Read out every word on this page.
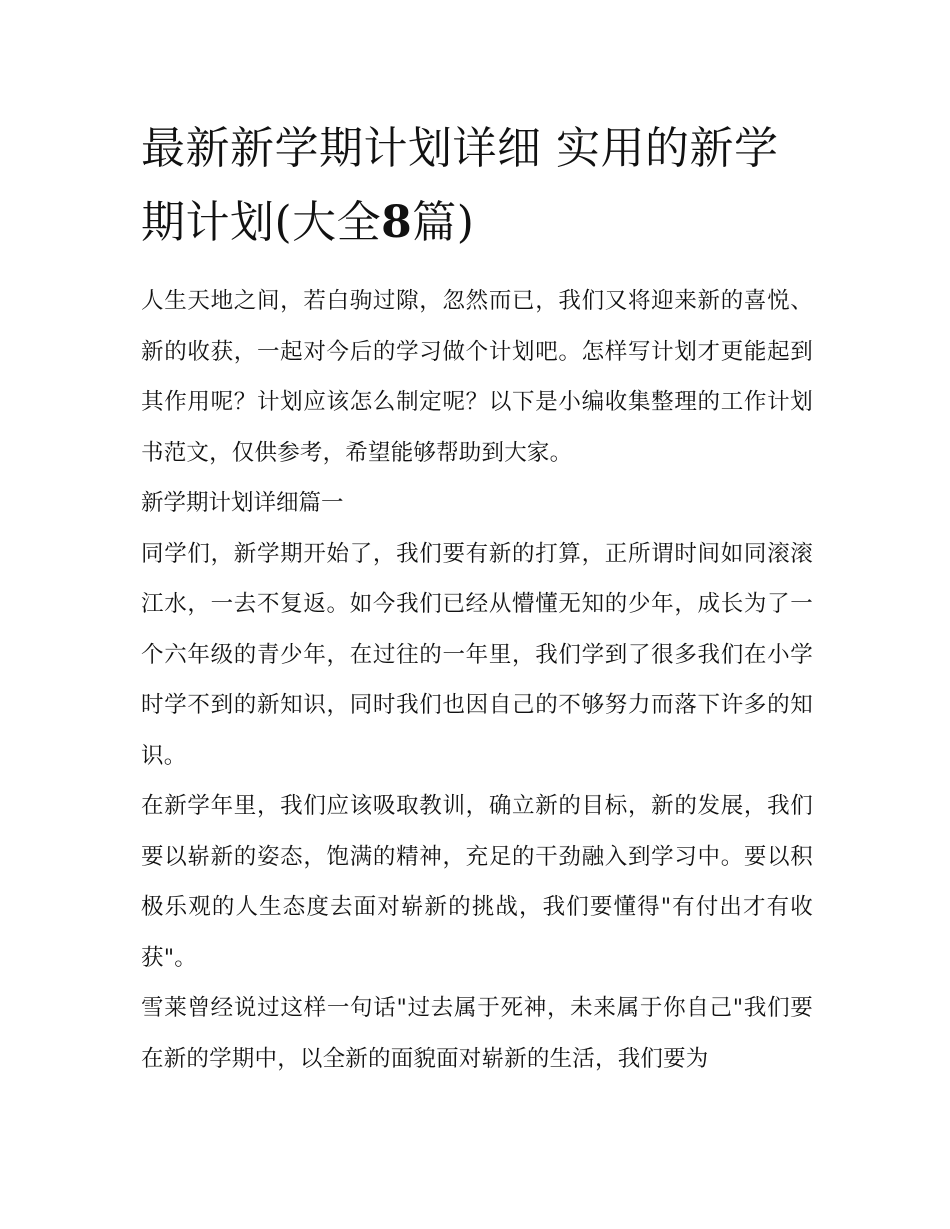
最新新学期计划详细 实用的新学期计划(大全8篇)

人生天地之间，若白驹过隙，忽然而已，我们又将迎来新的喜悦、新的收获，一起对今后的学习做个计划吧。怎样写计划才更能起到其作用呢？计划应该怎么制定呢？以下是小编收集整理的工作计划书范文，仅供参考，希望能够帮助到大家。

新学期计划详细篇一

同学们，新学期开始了，我们要有新的打算，正所谓时间如同滚滚江水，一去不复返。如今我们已经从懵懂无知的少年，成长为了一个六年级的青少年，在过往的一年里，我们学到了很多我们在小学时学不到的新知识，同时我们也因自己的不够努力而落下许多的知识。

在新学年里，我们应该吸取教训，确立新的目标，新的发展，我们要以崭新的姿态，饱满的精神，充足的干劲融入到学习中。要以积极乐观的人生态度去面对崭新的挑战，我们要懂得"有付出才有收获"。

雪莱曾经说过这样一句话"过去属于死神，未来属于你自己"我们要在新的学期中，以全新的面貌面对崭新的生活，我们要为
